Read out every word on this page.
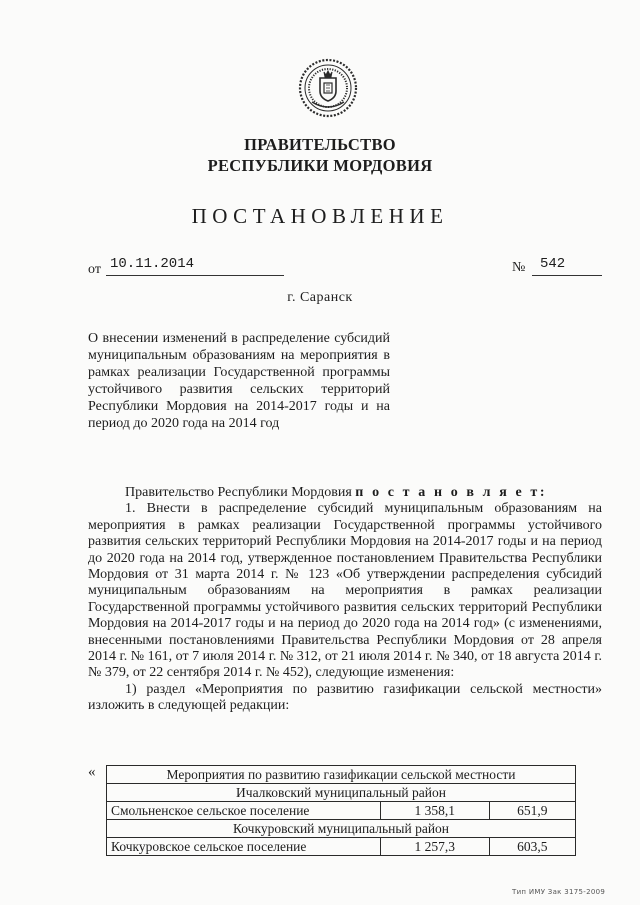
ПРАВИТЕЛЬСТВО
РЕСПУБЛИКИ МОРДОВИЯ
ПОСТАНОВЛЕНИЕ
от 10.11.2014	№ 542
г. Саранск

О внесении изменений в распределение субсидий муниципальным образованиям на мероприятия в рамках реализации Государственной программы устойчивого развития сельских территорий Республики Мордовия на 2014-2017 годы и на период до 2020 года на 2014 год

Правительство Республики Мордовия п о с т а н о в л я е т:

1. Внести в распределение субсидий муниципальным образованиям на мероприятия в рамках реализации Государственной программы устойчивого развития сельских территорий Республики Мордовия на 2014-2017 годы и на период до 2020 года на 2014 год, утвержденное постановлением Правительства Республики Мордовия от 31 марта 2014 г. № 123 «Об утверждении распределения субсидий муниципальным образованиям на мероприятия в рамках реализации Государственной программы устойчивого развития сельских территорий Республики Мордовия на 2014-2017 годы и на период до 2020 года на 2014 год» (с изменениями, внесенными постановлениями Правительства Республики Мордовия от 28 апреля 2014 г. № 161, от 7 июля 2014 г. № 312, от 21 июля 2014 г. № 340, от 18 августа 2014 г. № 379, от 22 сентября 2014 г. № 452), следующие изменения:

1) раздел «Мероприятия по развитию газификации сельской местности» изложить в следующей редакции:

«	Мероприятия по развитию газификации сельской местности		
Ичалковский муниципальный район		
Смольненское сельское поселение	1 358,1	651,9
Кочкуровский муниципальный район		
Кочкуровское сельское поселение	1 257,3	603,5
Тип ИМУ Зак 3175-2009
